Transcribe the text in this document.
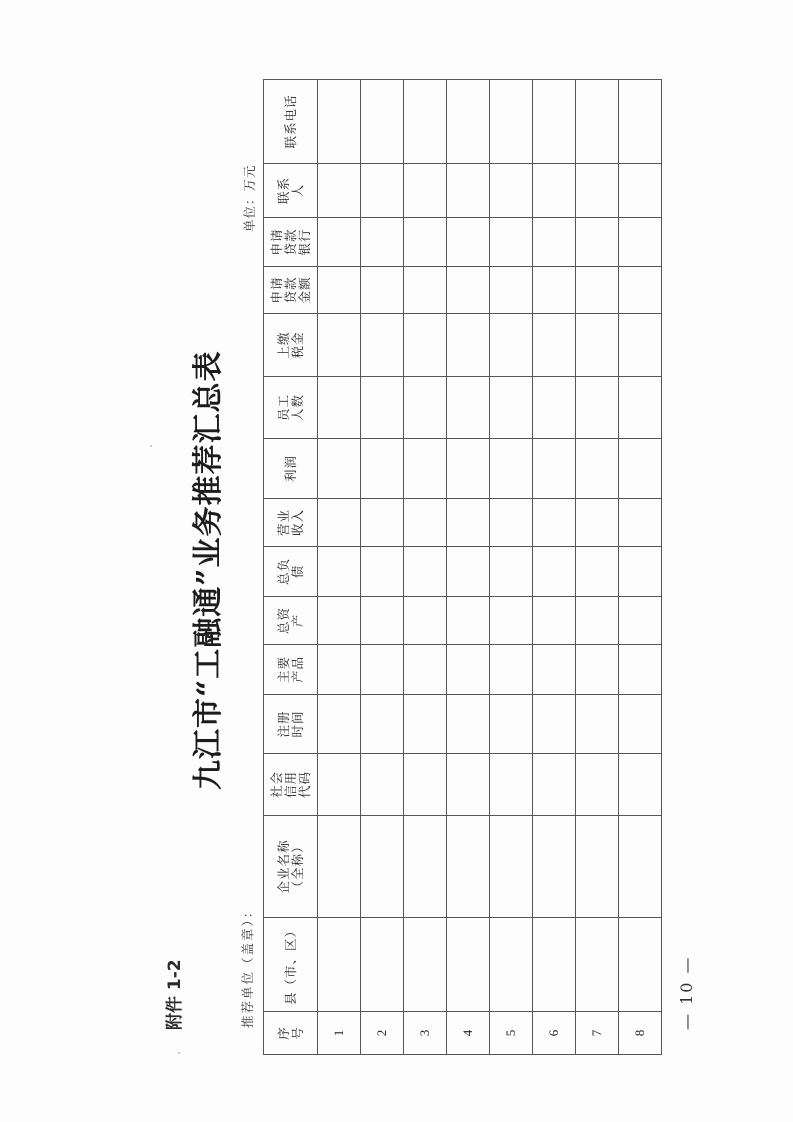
附件 1-2
九江市“工融通”业务推荐汇总表
推荐单位（盖章）：
单位：万元
— 10 —
序号	县（市、区）	企业名称（全称）	社会信用代码	注册时间	主要产品	总资产	总负债	营业收入	利润	员工人数	上缴税金	申请贷款金额	申请贷款银行	联系人	联系电话
1															
2															
3															
4															
5															
6															
7															
8															
